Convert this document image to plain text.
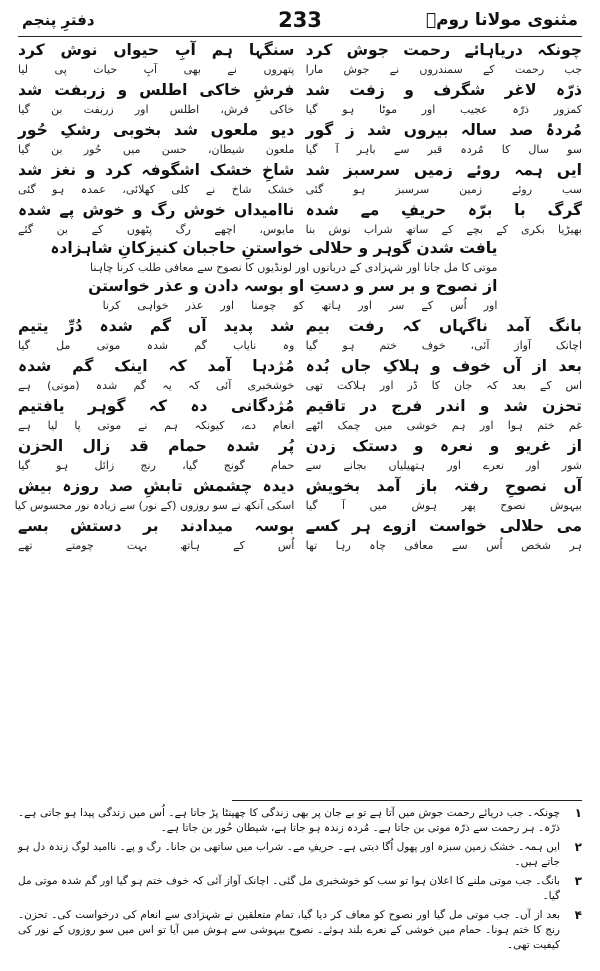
مثنوی مولانا رومؒ
233
دفترِ پنجم
چونکہ دریاہائے رحمت جوش کرد
جب رحمت کے سمندروں نے جوش مارا
سنگہا ہم آبِ حیواں نوش کرد
پتھروں نے بھی آبِ حیات پی لیا
ذرّہ لاغر شگرف و زفت شد
کمزور ذرّہ عجیب اور موٹا ہو گیا
فرشِ خاکی اطلس و زربفت شد
خاکی فرش، اطلس اور زربفت بن گیا
مُردۂ صد سالہ بیروں شد ز گور
سو سال کا مُردہ قبر سے باہر آ گیا
دیو ملعوں شد بخوبی رشکِ حُور
ملعون شیطان، حسن میں حُور بن گیا
ایں ہمہ روئے زمیں سرسبز شد
سب روئے زمین سرسبز ہو گئی
شاخِ خشک اشگوفہ کرد و نغز شد
خشک شاخ نے کلی کھلائی، عمدہ ہو گئی
گرگ با برّہ حریفِ مے شدہ
بھیڑیا بکری کے بچے کے ساتھ شراب نوش بنا
ناامیداں خوش رگ و خوش پے شدہ
مایوس، اچھے رگ پٹھوں کے بن گئے
یافت شدن گوہر و حلالی خواستنِ حاجبان کنیزکانِ شاہزادہ
موتی کا مل جانا اور شہزادی کے دربانوں اور لونڈیوں کا نصوح سے معافی طلب کرنا چاہنا
از نصوح و بر سر و دستِ او بوسہ دادن و عذر خواستن
اور اُس کے سر اور ہاتھ کو چومنا اور عذر خواہی کرنا
بانگ آمد ناگہاں کہ رفت بیم
اچانک آواز آئی، خوف ختم ہو گیا
شد پدید آں گم شدہ دُرِّ یتیم
وہ نایاب گم شدہ موتی مل گیا
بعد از آں خوف و ہلاکِ جاں بُدہ
اس کے بعد کہ جان کا ڈر اور ہلاکت تھی
مُژدہا آمد کہ اینک گم شدہ
خوشخبری آئی کہ یہ گم شدہ (موتی) ہے
تحزن شد و اندر فرج در تاقیم
غم ختم ہوا اور ہم خوشی میں چمک اٹھے
مُژدگانی دہ کہ گوہر یافتیم
انعام دے، کیونکہ ہم نے موتی پا لیا ہے
از غریو و نعرہ و دستک زدن
شور اور نعرے اور ہتھیلیاں بجانے سے
پُر شدہ حمام قد زال الحزن
حمام گونج گیا، رنج زائل ہو گیا
آں نصوحِ رفتہ باز آمد بخویش
بیہوش نصوح پھر ہوش میں آ گیا
دیدہ چشمش تابشِ صد روزہ بیش
اسکی آنکھ نے سو روزوں (کے نور) سے زیادہ نور محسوس کیا
می حلالی خواست ازوے ہر کسے
ہر شخص اُس سے معافی چاہ رہا تھا
بوسہ میدادند بر دستش بسے
اُس کے ہاتھ بہت چومتے تھے
۱
چونکہ۔ جب دریائے رحمت جوش میں آتا ہے تو بے جان پر بھی زندگی کا چھینٹا پڑ جاتا ہے۔ اُس میں زندگی پیدا ہو جاتی ہے۔ ذرّہ۔ ہر رحمت سے ذرّہ موتی بن جاتا ہے۔ مُردہ زندہ ہو جاتا ہے، شیطان حُور بن جاتا ہے۔
۲
ایں ہمہ۔ خشک زمین سبزہ اور پھول اُگا دیتی ہے۔ حریفِ مے۔ شراب میں ساتھی بن جانا۔ رگ و پے۔ ناامید لوگ زندہ دل ہو جاتے ہیں۔
۳
بانگ۔ جب موتی ملنے کا اعلان ہوا تو سب کو خوشخبری مل گئی۔ اچانک آواز آئی کہ خوف ختم ہو گیا اور گم شدہ موتی مل گیا۔
۴
بعد از آں۔ جب موتی مل گیا اور نصوح کو معاف کر دیا گیا، تمام متعلقین نے شہزادی سے انعام کی درخواست کی۔ تحزن۔ رنج کا ختم ہونا۔ حمام میں خوشی کے نعرے بلند ہوئے۔ نصوح بیہوشی سے ہوش میں آیا تو اس میں سو روزوں کے نور کی کیفیت تھی۔
